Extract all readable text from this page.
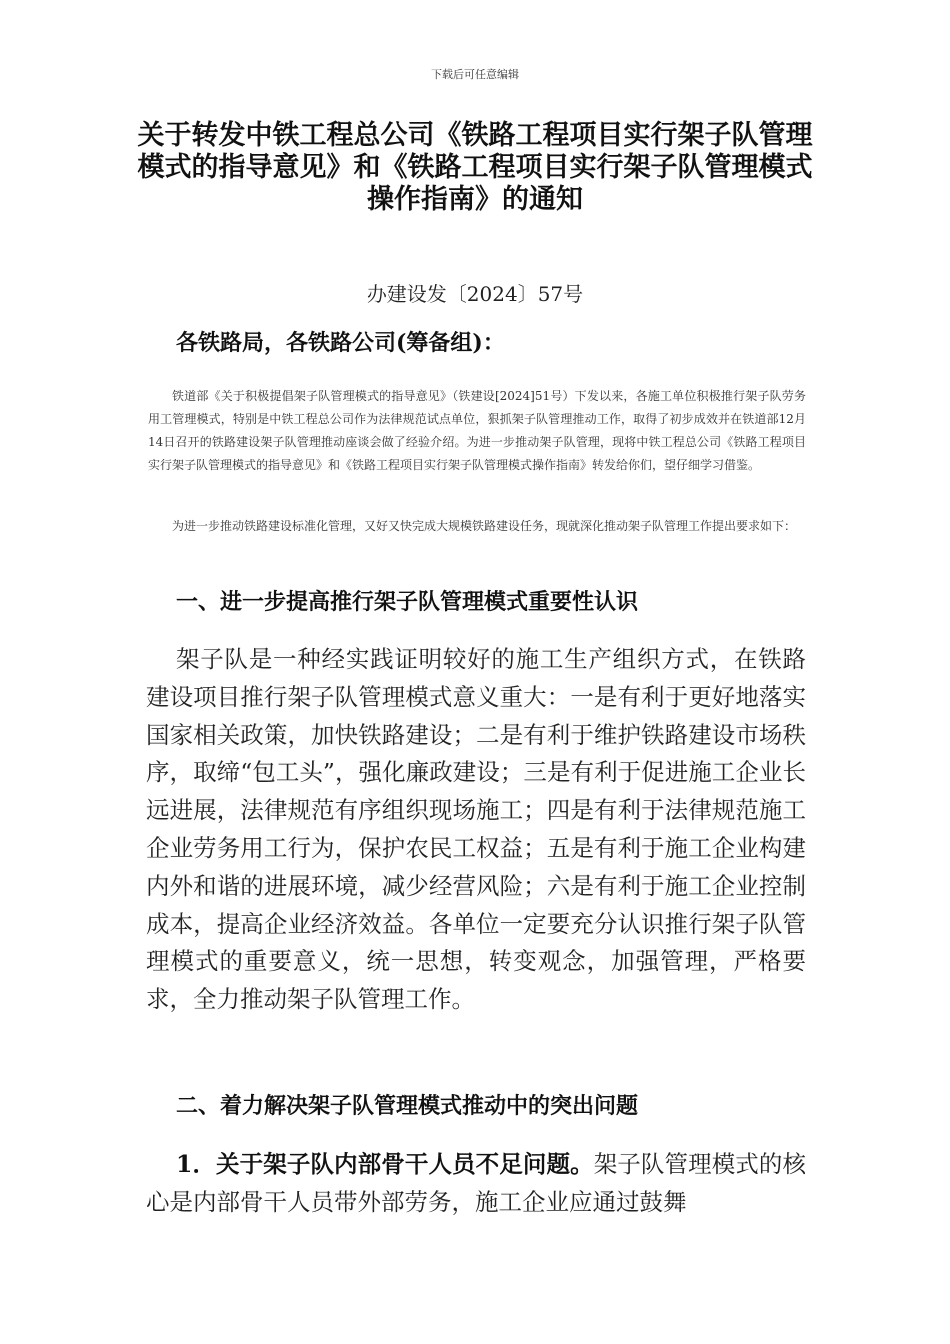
下载后可任意编辑
关于转发中铁工程总公司《铁路工程项目实行架子队管理模式的指导意见》和《铁路工程项目实行架子队管理模式操作指南》的通知
办建设发〔2024〕57号
各铁路局，各铁路公司(筹备组)：

铁道部《关于积极提倡架子队管理模式的指导意见》（铁建设[2024]51号）下发以来，各施工单位积极推行架子队劳务用工管理模式，特别是中铁工程总公司作为法律规范试点单位，狠抓架子队管理推动工作，取得了初步成效并在铁道部12月14日召开的铁路建设架子队管理推动座谈会做了经验介绍。为进一步推动架子队管理，现将中铁工程总公司《铁路工程项目实行架子队管理模式的指导意见》和《铁路工程项目实行架子队管理模式操作指南》转发给你们，望仔细学习借鉴。

为进一步推动铁路建设标准化管理，又好又快完成大规模铁路建设任务，现就深化推动架子队管理工作提出要求如下：

一、进一步提高推行架子队管理模式重要性认识

架子队是一种经实践证明较好的施工生产组织方式，在铁路建设项目推行架子队管理模式意义重大：一是有利于更好地落实国家相关政策，加快铁路建设；二是有利于维护铁路建设市场秩序，取缔“包工头”，强化廉政建设；三是有利于促进施工企业长远进展，法律规范有序组织现场施工；四是有利于法律规范施工企业劳务用工行为，保护农民工权益；五是有利于施工企业构建内外和谐的进展环境，减少经营风险；六是有利于施工企业控制成本，提高企业经济效益。各单位一定要充分认识推行架子队管理模式的重要意义，统一思想，转变观念，加强管理，严格要求，全力推动架子队管理工作。

二、着力解决架子队管理模式推动中的突出问题

1．关于架子队内部骨干人员不足问题。架子队管理模式的核心是内部骨干人员带外部劳务，施工企业应通过鼓舞
